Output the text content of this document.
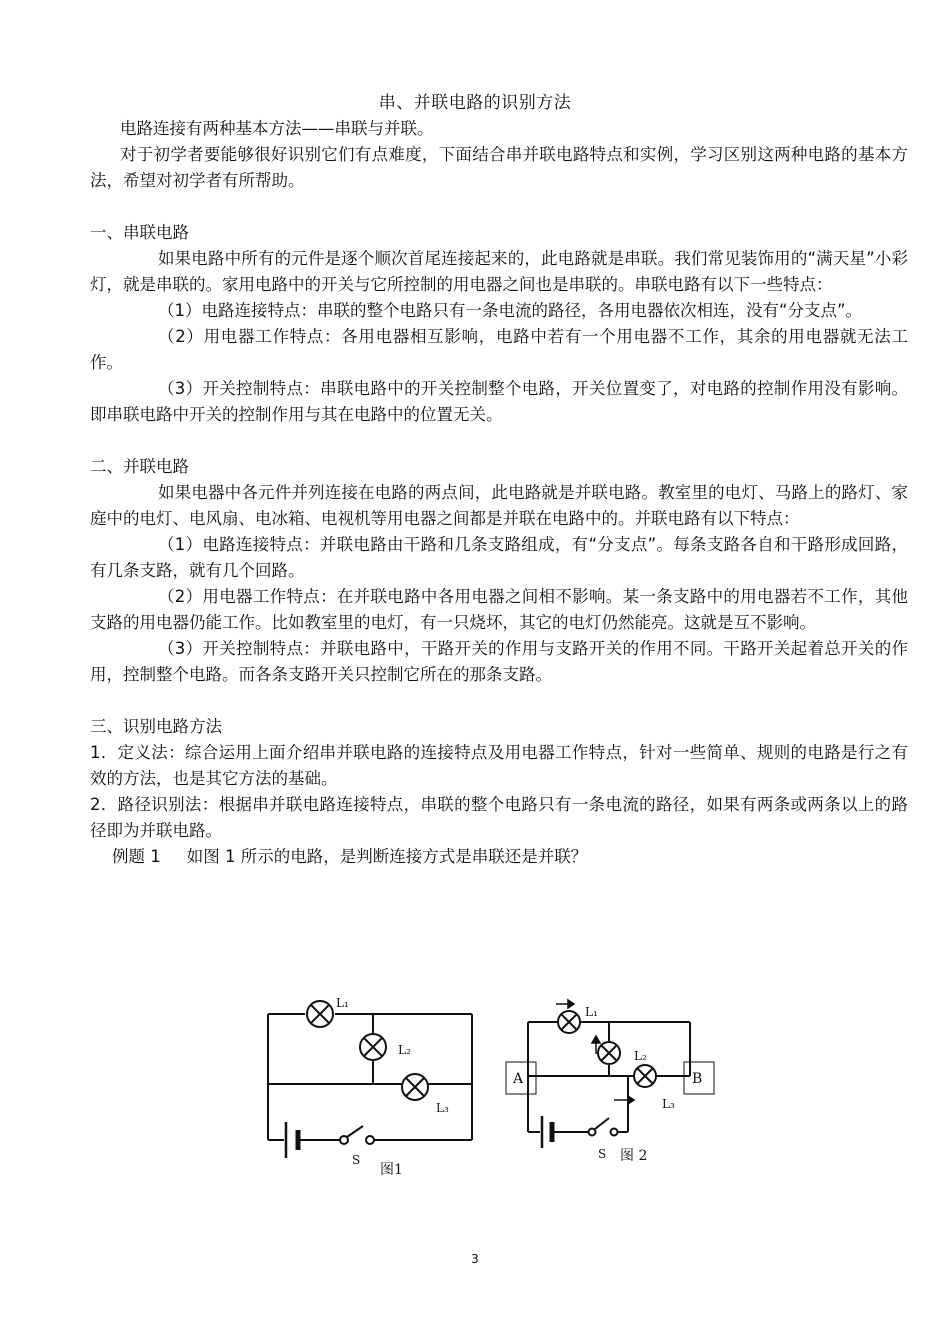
串、并联电路的识别方法

电路连接有两种基本方法——串联与并联。

对于初学者要能够很好识别它们有点难度，下面结合串并联电路特点和实例，学习区别这两种电路的基本方法，希望对初学者有所帮助。

一、串联电路

如果电路中所有的元件是逐个顺次首尾连接起来的，此电路就是串联。我们常见装饰用的“满天星”小彩灯，就是串联的。家用电路中的开关与它所控制的用电器之间也是串联的。串联电路有以下一些特点：

（1）电路连接特点：串联的整个电路只有一条电流的路径，各用电器依次相连，没有“分支点”。

（2）用电器工作特点：各用电器相互影响，电路中若有一个用电器不工作，其余的用电器就无法工作。

（3）开关控制特点：串联电路中的开关控制整个电路，开关位置变了，对电路的控制作用没有影响。即串联电路中开关的控制作用与其在电路中的位置无关。

二、并联电路

如果电器中各元件并列连接在电路的两点间，此电路就是并联电路。教室里的电灯、马路上的路灯、家庭中的电灯、电风扇、电冰箱、电视机等用电器之间都是并联在电路中的。并联电路有以下特点：

（1）电路连接特点：并联电路由干路和几条支路组成，有“分支点”。每条支路各自和干路形成回路，有几条支路，就有几个回路。

（2）用电器工作特点：在并联电路中各用电器之间相不影响。某一条支路中的用电器若不工作，其他支路的用电器仍能工作。比如教室里的电灯，有一只烧坏，其它的电灯仍然能亮。这就是互不影响。

（3）开关控制特点：并联电路中，干路开关的作用与支路开关的作用不同。干路开关起着总开关的作用，控制整个电路。而各条支路开关只控制它所在的那条支路。

三、识别电路方法

1．定义法：综合运用上面介绍串并联电路的连接特点及用电器工作特点，针对一些简单、规则的电路是行之有效的方法，也是其它方法的基础。

2．路径识别法：根据串并联电路连接特点，串联的整个电路只有一条电流的路径，如果有两条或两条以上的路径即为并联电路。

例题 1 如图 1 所示的电路，是判断连接方式是串联还是并联？

L₁
L₂
L₃
S
图1
L₁
L₂
L₃
S
A	B
图 2
3
